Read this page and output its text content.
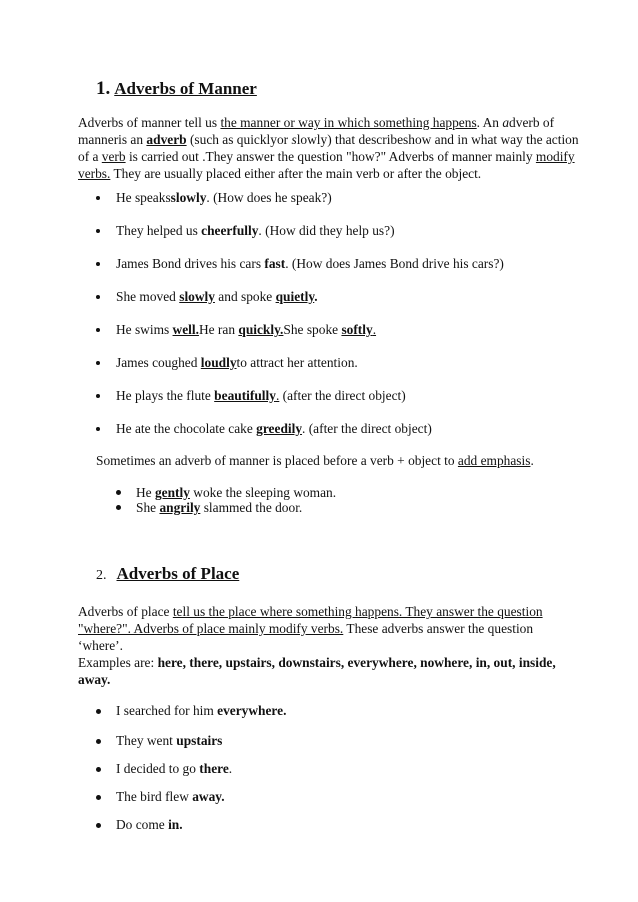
1. Adverbs of Manner
Adverbs of manner tell us the manner or way in which something happens. An adverb of
manneris an adverb (such as quicklyor slowly) that describeshow and in what way the action
of a verb is carried out .They answer the question "how?" Adverbs of manner mainly modify
verbs. They are usually placed either after the main verb or after the object.
He speaksslowly. (How does he speak?)
They helped us cheerfully. (How did they help us?)
James Bond drives his cars fast. (How does James Bond drive his cars?)
She moved slowly and spoke quietly.
He swims well.He ran quickly.She spoke softly.
James coughed loudlyto attract her attention.
He plays the flute beautifully. (after the direct object)
He ate the chocolate cake greedily. (after the direct object)
Sometimes an adverb of manner is placed before a verb + object to add emphasis.
He gently woke the sleeping woman.
She angrily slammed the door.
2. Adverbs of Place
Adverbs of place tell us the place where something happens. They answer the question
"where?". Adverbs of place mainly modify verbs. These adverbs answer the question
‘where’.
Examples are: here, there, upstairs, downstairs, everywhere, nowhere, in, out, inside,
away.
I searched for him everywhere.
They went upstairs
I decided to go there.
The bird flew away.
Do come in.
